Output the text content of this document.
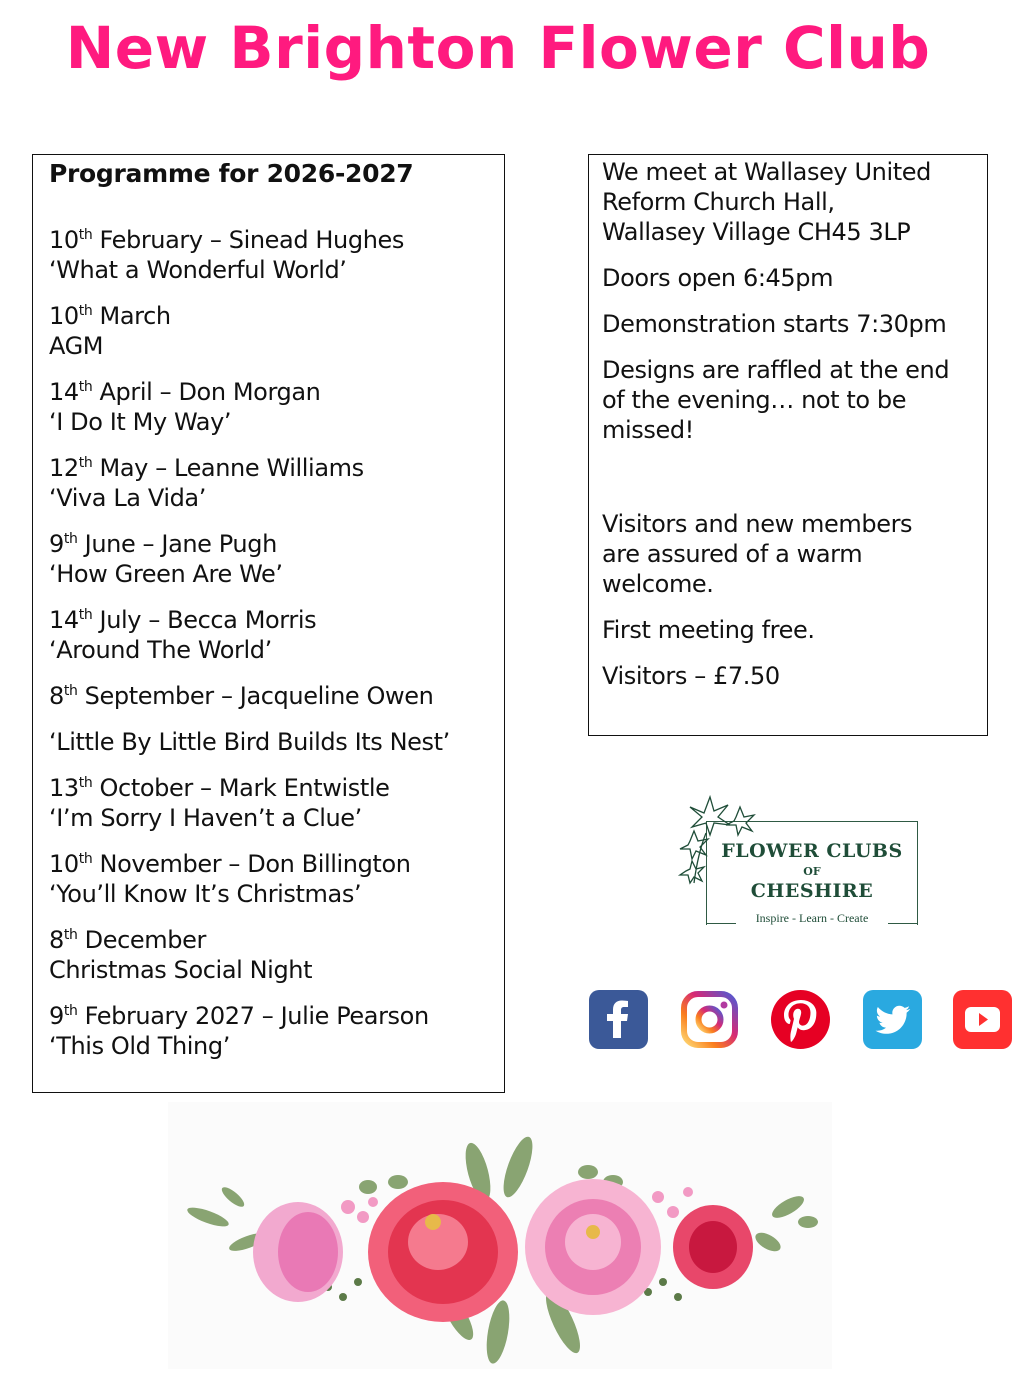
New Brighton Flower Club
Programme for 2026-2027
10th February – Sinead Hughes
‘What a Wonderful World’
10th March
AGM
14th April – Don Morgan
‘I Do It My Way’
12th May – Leanne Williams
‘Viva La Vida’
9th June – Jane Pugh
‘How Green Are We’
14th July – Becca Morris
‘Around The World’
8th September – Jacqueline Owen
‘Little By Little Bird Builds Its Nest’
13th October – Mark Entwistle
‘I’m Sorry I Haven’t a Clue’
10th November – Don Billington
‘You’ll Know It’s Christmas’
8th December
Christmas Social Night
9th February 2027 – Julie Pearson
‘This Old Thing’

We meet at Wallasey United
Reform Church Hall,
Wallasey Village CH45 3LP

Doors open 6:45pm

Demonstration starts 7:30pm

Designs are raffled at the end of the evening… not to be missed!

Visitors and new members are assured of a warm welcome.

First meeting free.

Visitors – £7.50

FLOWER CLUBS
OF
CHESHIRE
Inspire - Learn - Create
